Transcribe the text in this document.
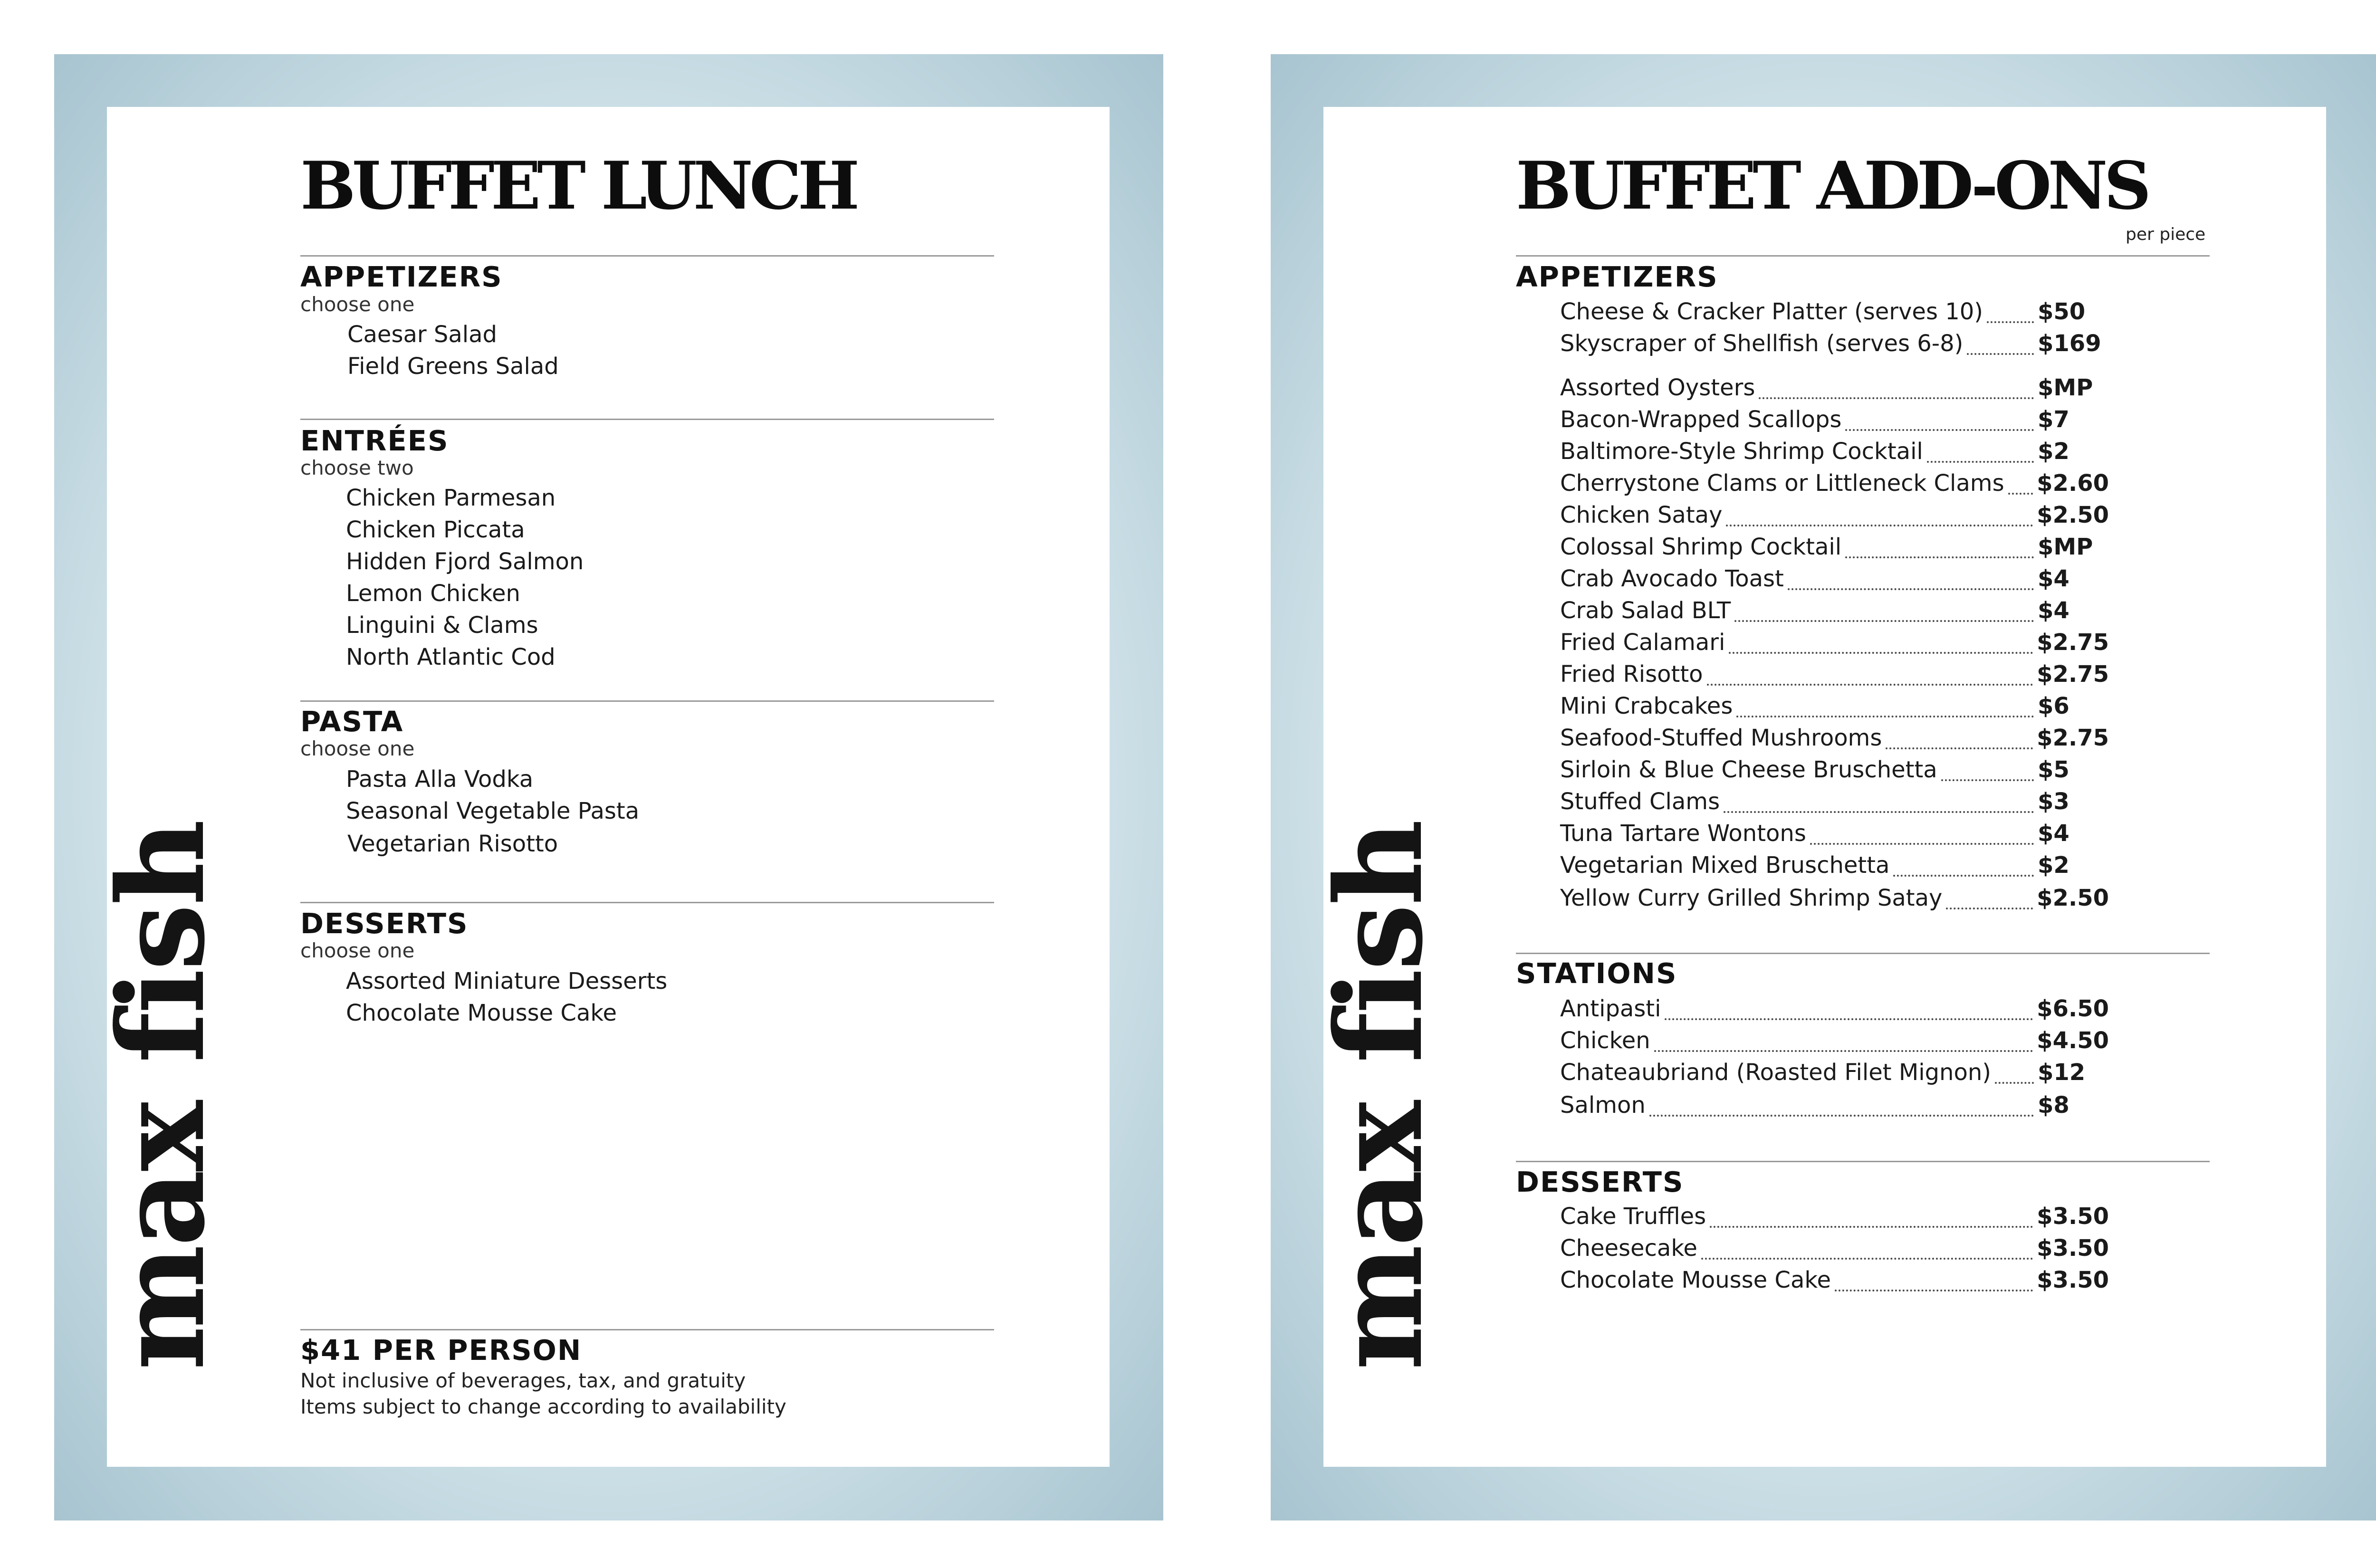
max fish	max fish
BUFFET LUNCH
APPETIZERS
choose one
Caesar Salad
Field Greens Salad
ENTRÉES
choose two
Chicken Parmesan
Chicken Piccata
Hidden Fjord Salmon
Lemon Chicken
Linguini & Clams
North Atlantic Cod
PASTA
choose one
Pasta Alla Vodka
Seasonal Vegetable Pasta
Vegetarian Risotto
DESSERTS
choose one
Assorted Miniature Desserts
Chocolate Mousse Cake
$41 PER PERSON
Not inclusive of beverages, tax, and gratuity
Items subject to change according to availability
BUFFET ADD-ONS
per piece
APPETIZERS
Cheese & Cracker Platter (serves 10) $50
Skyscraper of Shellfish (serves 6-8)	$169
Assorted Oysters	$MP
Bacon-Wrapped Scallops	$7
Baltimore-Style Shrimp Cocktail	$2
Cherrystone Clams or Littleneck Clams $2.60
Chicken Satay	$2.50
Colossal Shrimp Cocktail	$MP
Crab Avocado Toast	$4
Crab Salad BLT	$4
Fried Calamari	$2.75
Fried Risotto	$2.75
Mini Crabcakes	$6
Seafood-Stuffed Mushrooms	$2.75
Sirloin & Blue Cheese Bruschetta	$5
Stuffed Clams	$3
Tuna Tartare Wontons	$4
Vegetarian Mixed Bruschetta	$2
Yellow Curry Grilled Shrimp Satay	$2.50
STATIONS
Antipasti	$6.50
Chicken	$4.50
Chateaubriand (Roasted Filet Mignon) $12
Salmon	$8
DESSERTS
Cake Truffles	$3.50
Cheesecake	$3.50
Chocolate Mousse Cake	$3.50
